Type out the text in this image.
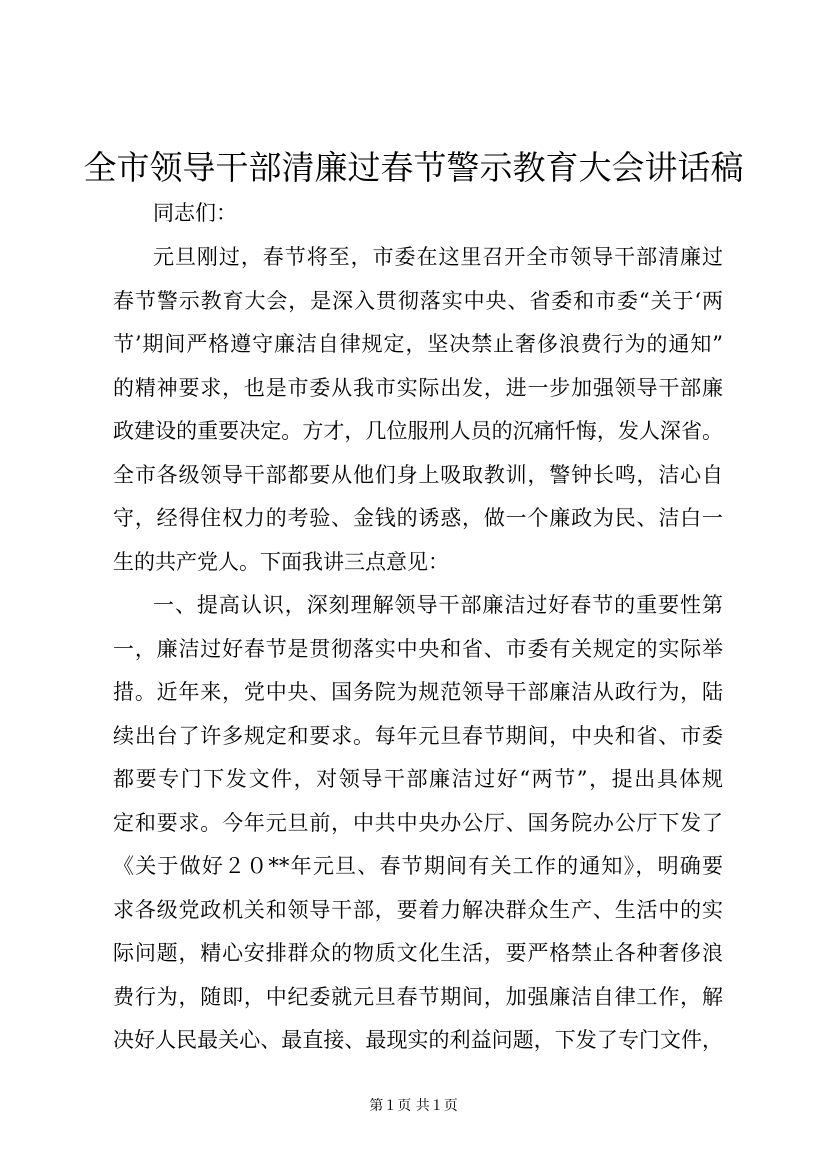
全市领导干部清廉过春节警示教育大会讲话稿
同志们：
元旦刚过，春节将至，市委在这里召开全市领导干部清廉过
春节警示教育大会，是深入贯彻落实中央、省委和市委“关于‘两
节’期间严格遵守廉洁自律规定，坚决禁止奢侈浪费行为的通知”
的精神要求，也是市委从我市实际出发，进一步加强领导干部廉
政建设的重要决定。方才，几位服刑人员的沉痛忏悔，发人深省。
全市各级领导干部都要从他们身上吸取教训，警钟长鸣，洁心自
守，经得住权力的考验、金钱的诱惑，做一个廉政为民、洁白一
生的共产党人。下面我讲三点意见：
一、提高认识，深刻理解领导干部廉洁过好春节的重要性第
一，廉洁过好春节是贯彻落实中央和省、市委有关规定的实际举
措。近年来，党中央、国务院为规范领导干部廉洁从政行为，陆
续出台了许多规定和要求。每年元旦春节期间，中央和省、市委
都要专门下发文件，对领导干部廉洁过好“两节”，提出具体规
定和要求。今年元旦前，中共中央办公厅、国务院办公厅下发了
《关于做好２０**年元旦、春节期间有关工作的通知》，明确要
求各级党政机关和领导干部，要着力解决群众生产、生活中的实
际问题，精心安排群众的物质文化生活，要严格禁止各种奢侈浪
费行为，随即，中纪委就元旦春节期间，加强廉洁自律工作，解
决好人民最关心、最直接、最现实的利益问题，下发了专门文件，
第１页 共１页
